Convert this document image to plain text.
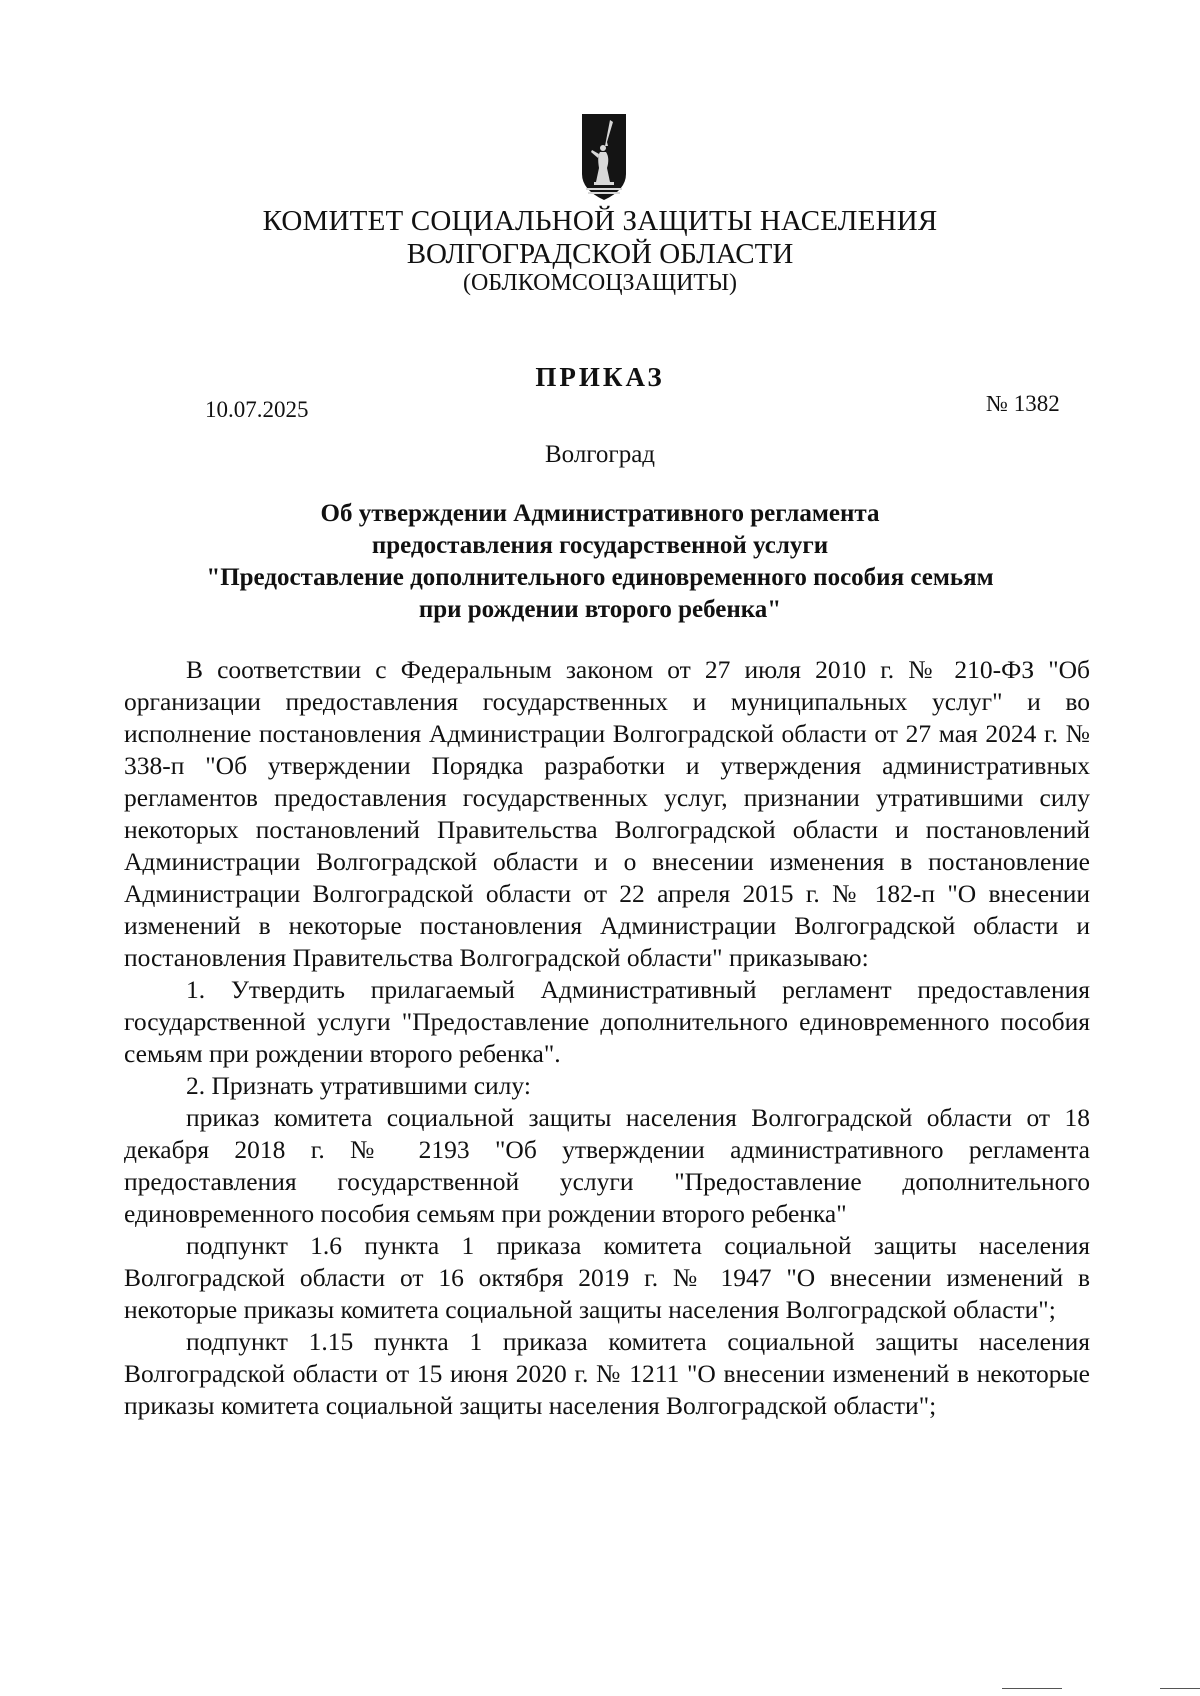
КОМИТЕТ СОЦИАЛЬНОЙ ЗАЩИТЫ НАСЕЛЕНИЯ
ВОЛГОГРАДСКОЙ ОБЛАСТИ
(ОБЛКОМСОЦЗАЩИТЫ)
ПРИКАЗ
10.07.2025	№ 1382
Волгоград
Об утверждении Административного регламента
предоставления государственной услуги
"Предоставление дополнительного единовременного пособия семьям
при рождении второго ребенка"

В соответствии с Федеральным законом от 27 июля 2010 г. № 210-ФЗ "Об организации предоставления государственных и муниципальных услуг" и во исполнение постановления Администрации Волгоградской области от 27 мая 2024 г. № 338-п "Об утверждении Порядка разработки и утверждения административных регламентов предоставления государственных услуг, признании утратившими силу некоторых постановлений Правительства Волгоградской области и постановлений Администрации Волгоградской области и о внесении изменения в постановление Администрации Волгоградской области от 22 апреля 2015 г. № 182-п "О внесении изменений в некоторые постановления Администрации Волгоградской области и постановления Правительства Волгоградской области" приказываю:

1. Утвердить прилагаемый Административный регламент предоставления государственной услуги "Предоставление дополнительного единовременного пособия семьям при рождении второго ребенка".

2. Признать утратившими силу:

приказ комитета социальной защиты населения Волгоградской области от 18 декабря 2018 г. № 2193 "Об утверждении административного регламента предоставления государственной услуги "Предоставление дополнительного единовременного пособия семьям при рождении второго ребенка"

подпункт 1.6 пункта 1 приказа комитета социальной защиты населения Волгоградской области от 16 октября 2019 г. № 1947 "О внесении изменений в некоторые приказы комитета социальной защиты населения Волгоградской области";

подпункт 1.15 пункта 1 приказа комитета социальной защиты населения Волгоградской области от 15 июня 2020 г. № 1211 "О внесении изменений в некоторые приказы комитета социальной защиты населения Волгоградской области";
